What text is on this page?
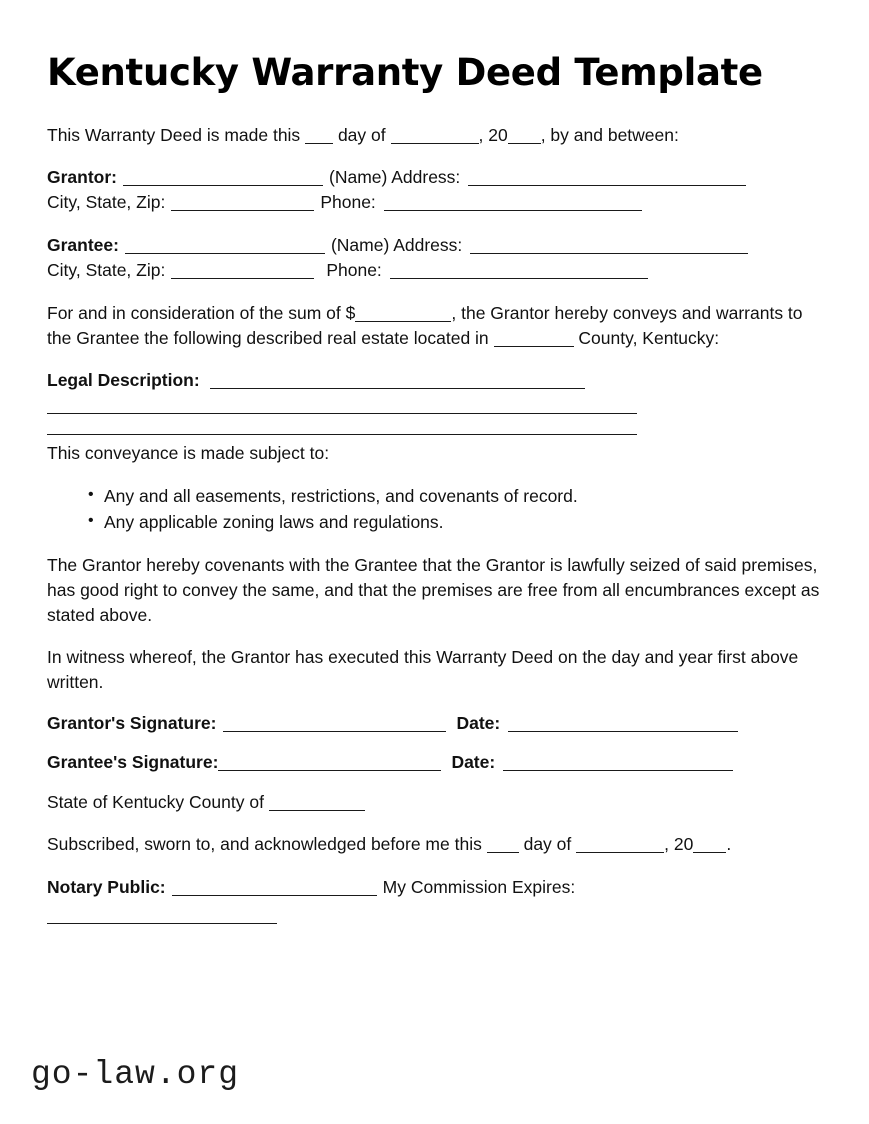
Kentucky Warranty Deed Template

This Warranty Deed is made this day of	, 20 , by and between:

Grantor:	(Name) Address:

City, State, Zip:	Phone:

Grantee:	(Name) Address:

City, State, Zip:	Phone:

For and in consideration of the sum of $	, the Grantor hereby conveys and warrants to the Grantee the following described real estate located in	County, Kentucky:

Legal Description:

This conveyance is made subject to:

• Any and all easements, restrictions, and covenants of record.
• Any applicable zoning laws and regulations.

The Grantor hereby covenants with the Grantee that the Grantor is lawfully seized of said premises, has good right to convey the same, and that the premises are free from all encumbrances except as stated above.

In witness whereof, the Grantor has executed this Warranty Deed on the day and year first above written.

Grantor's Signature:	Date:

Grantee's Signature:	Date:

State of Kentucky County of

Subscribed, sworn to, and acknowledged before me this day of	, 20 .

Notary Public:	My Commission Expires:

go-law.org
